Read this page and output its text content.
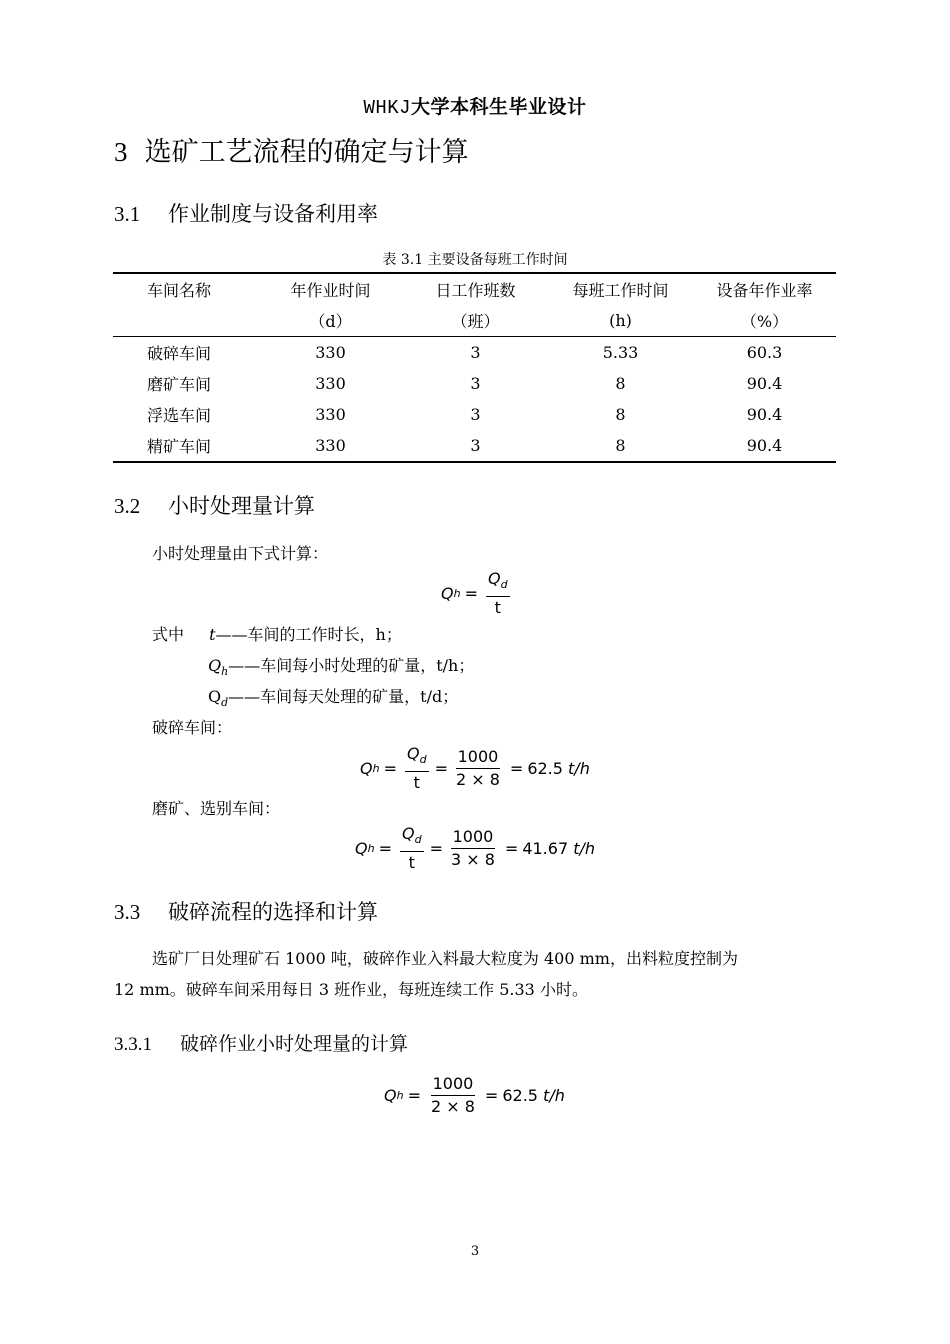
WHKJ大学本科生毕业设计
3 选矿工艺流程的确定与计算
3.1 作业制度与设备利用率
表 3.1 主要设备每班工作时间
车间名称	年作业时间	日工作班数	每班工作时间	设备年作业率
	（d）	（班）	(h)	（%）
破碎车间	330	3	5.33	60.3
磨矿车间	330	3	8	90.4
浮选车间	330	3	8	90.4
精矿车间	330	3	8	90.4
3.2 小时处理量计算
小时处理量由下式计算：
Q $h = \frac{Q_d}{t}$
式中 t——车间的工作时长，h；
$Q_h——$车间每小时处理的矿量，t/h；
$Q_d——$车间每天处理的矿量，t/d；
破碎车间：
Q $h = \frac{Q_d}{t} = \frac{1000}{2 \times 8} = 62.5$
t/h
磨矿、选别车间：
Q $h = \frac{Q_d}{t} = \frac{1000}{3 \times 8} = 41.67$
t/h
3.3 破碎流程的选择和计算
选矿厂日处理矿石 1000 吨，破碎作业入料最大粒度为 400 mm，出料粒度控制为
12 mm。破碎车间采用每日 3 班作业，每班连续工作 5.33 小时。
3.3.1 破碎作业小时处理量的计算
Q $h = \frac{1000}{2 \times 8} = 62.5$
t/h
3
